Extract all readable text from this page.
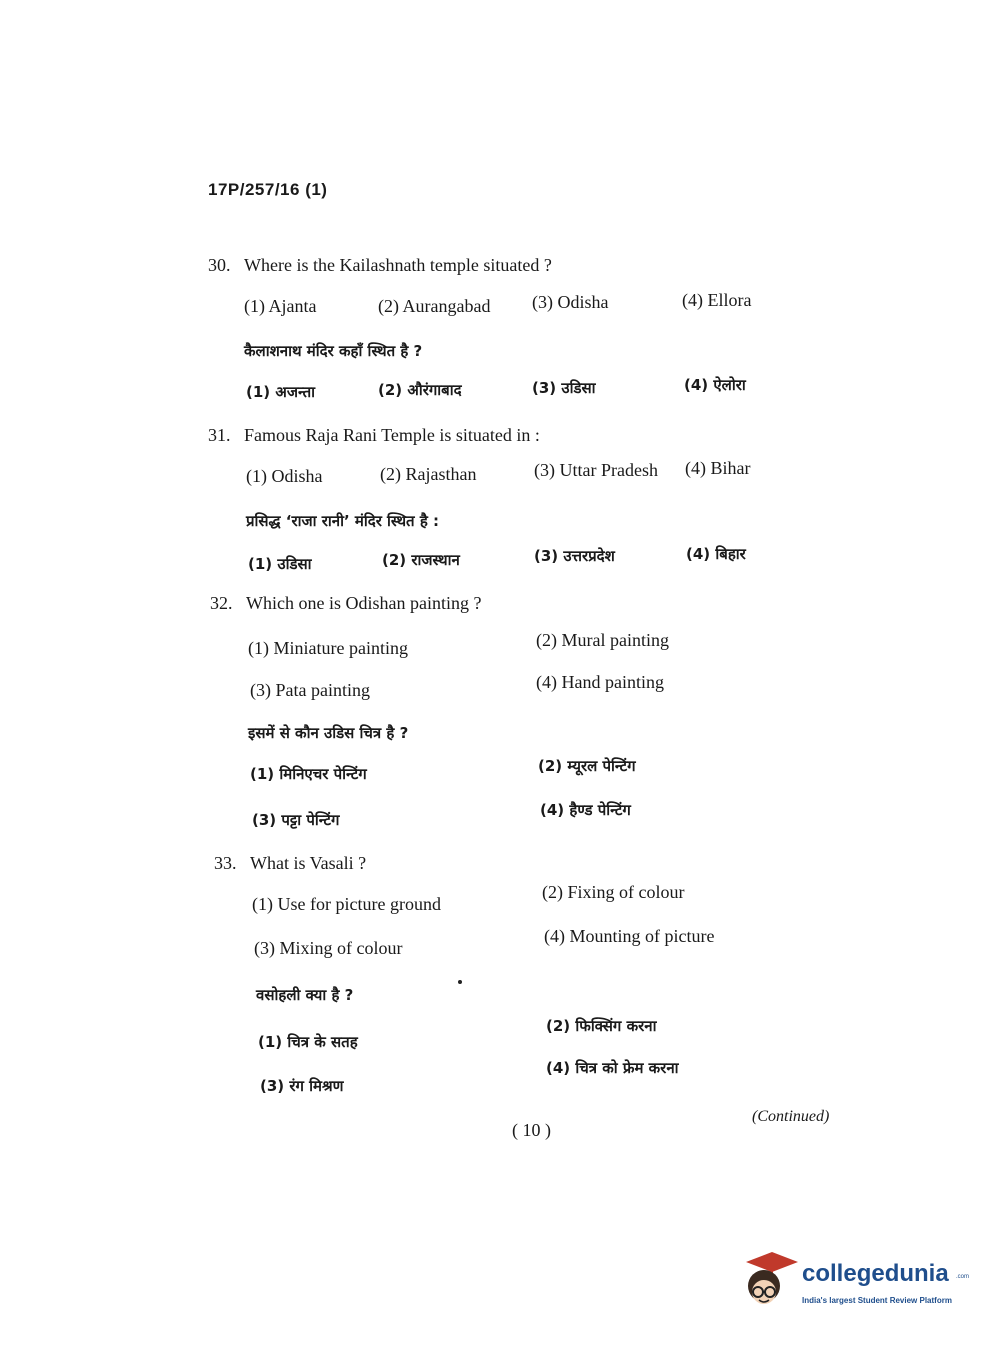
17P/257/16 (1)
30. Where is the Kailashnath temple situated ?
(1) Ajanta	(2) Aurangabad (3) Odisha	(4) Ellora
कैलाशनाथ मंदिर कहाँ स्थित है ?
(1) अजन्ता	(2) औरंगाबाद	(3) उडिसा	(4) ऐलोरा
31. Famous Raja Rani Temple is situated in :
(1) Odisha	(2) Rajasthan	(3) Uttar Pradesh (4) Bihar
प्रसिद्ध ‘राजा रानी’ मंदिर स्थित है :
(1) उडिसा	(2) राजस्थान	(3) उत्तरप्रदेश	(4) बिहार
32. Which one is Odishan painting ?
(1) Miniature painting	(2) Mural painting
(3) Pata painting	(4) Hand painting
इसमें से कौन उडिस चित्र है ?
(1) मिनिएचर पेन्टिंग	(2) म्यूरल पेन्टिंग
(3) पट्टा पेन्टिंग
(4) हैण्ड पेन्टिंग
33. What is Vasali ?
(1) Use for picture ground
(2) Fixing of colour
(3) Mixing of colour
(4) Mounting of picture
वसोहली क्या है ?
(1) चित्र के सतह
(2) फिक्सिंग करना
(3) रंग मिश्रण
(4) चित्र को फ्रेम करना
( 10 )
(Continued)
collegedunia .com
India's largest Student Review Platform
